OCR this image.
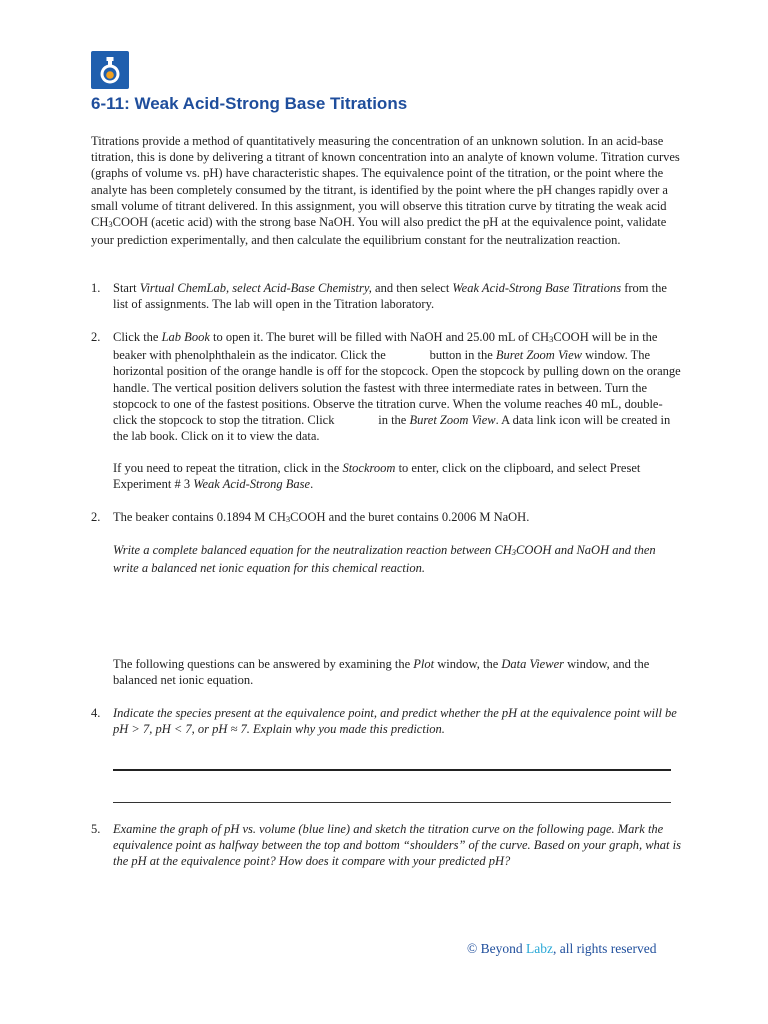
6-11: Weak Acid-Strong Base Titrations

Titrations provide a method of quantitatively measuring the concentration of an unknown solution. In an acid-base titration, this is done by delivering a titrant of known concentration into an analyte of known volume. Titration curves (graphs of volume vs. pH) have characteristic shapes. The equivalence point of the titration, or the point where the analyte has been completely consumed by the titrant, is identified by the point where the pH changes rapidly over a small volume of titrant delivered. In this assignment, you will observe this titration curve by titrating the weak acid $CH_3COOH$ (acetic acid) with the strong base NaOH. You will also predict the pH at the equivalence point, validate your prediction experimentally, and then calculate the equilibrium constant for the neutralization reaction.

1. Start Virtual ChemLab, select Acid-Base Chemistry, and then select Weak Acid-Strong Base Titrations from the list of assignments. The lab will open in the Titration laboratory.
2. Click the Lab Book to open it. The buret will be filled with NaOH and 25.00 mL of $CH_3COOH$ will be in the beaker with phenolphthalein as the indicator. Click the     button in the Buret Zoom View window. The horizontal position of the orange handle is off for the stopcock. Open the stopcock by pulling down on the orange handle. The vertical position delivers solution the fastest with three intermediate rates in between. Turn the stopcock to one of the fastest positions. Observe the titration curve. When the volume reaches 40 mL, double-click the stopcock to stop the titration. Click     in the Buret Zoom View. A data link icon will be created in the lab book. Click on it to view the data.
If you need to repeat the titration, click in the Stockroom to enter, click on the clipboard, and select Preset Experiment # 3 Weak Acid-Strong Base.
2. The beaker contains 0.1894 M $CH_3COOH$ and the buret contains 0.2006 M NaOH.
Write a complete balanced equation for the neutralization reaction between $CH_3COOH$ and NaOH and then write a balanced net ionic equation for this chemical reaction.
The following questions can be answered by examining the Plot window, the Data Viewer window, and the balanced net ionic equation.
4. Indicate the species present at the equivalence point, and predict whether the pH at the equivalence point will be pH > 7, pH < 7, or pH ≈ 7. Explain why you made this prediction.
5. Examine the graph of pH vs. volume (blue line) and sketch the titration curve on the following page. Mark the equivalence point as halfway between the top and bottom “shoulders” of the curve. Based on your graph, what is the pH at the equivalence point? How does it compare with your predicted pH?
© Beyond Labz, all rights reserved
